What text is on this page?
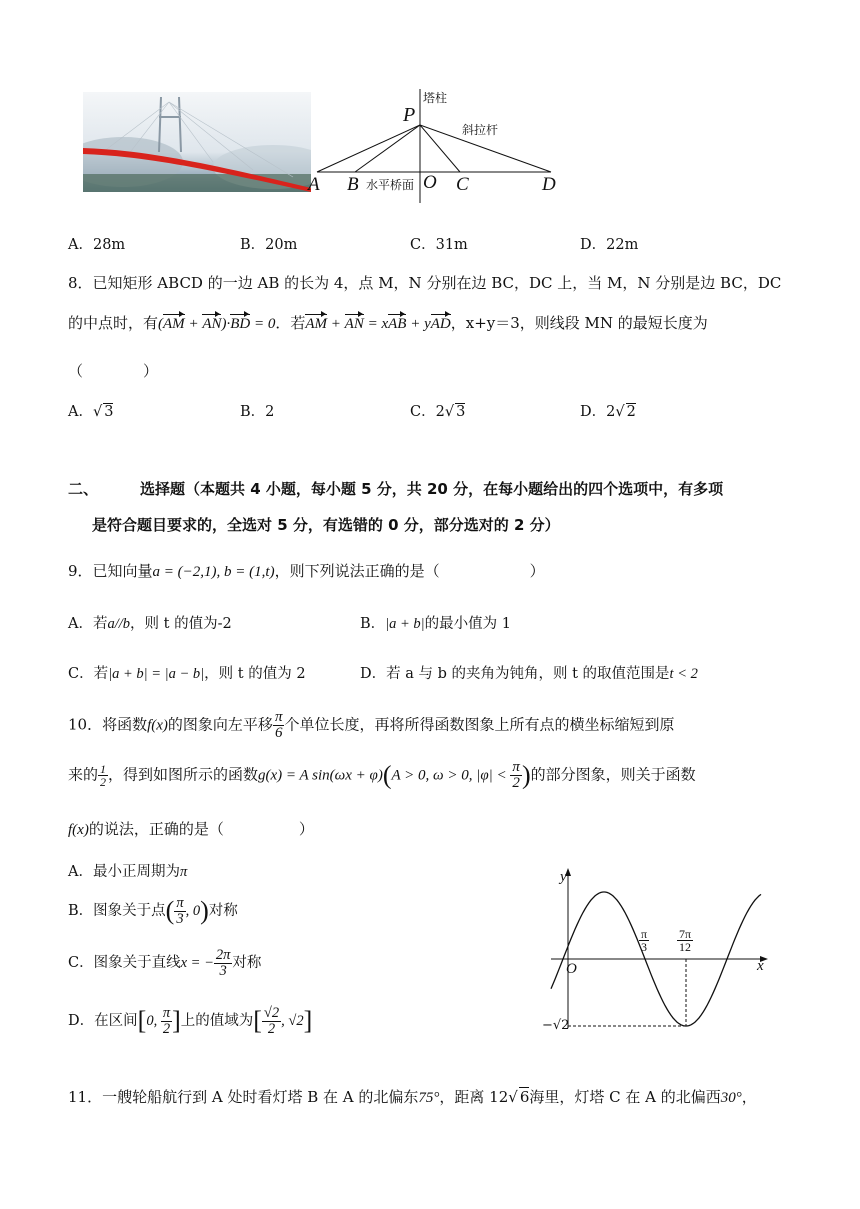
P
塔柱
斜拉杆
A B 水平桥面 O C	D
A．28m	B．20m	C．31m	D．22m
8．已知矩形 ABCD 的一边 AB 的长为 4，点 M，N 分别在边 BC，DC 上，当 M，N 分别是边 BC，DC
的中点时，有(AM + AN)·BD = 0．若AM + AN = xAB + yAD，x+y＝3，则线段 MN 的最短长度为
（　　　　）
A．√ 3	B．2	C．2√ 3	D．2√ 2
二、	选择题（本题共 4 小题，每小题 5 分，共 20 分，在每小题给出的四个选项中，有多项
是符合题目要求的，全选对 5 分，有选错的 0 分，部分选对的 2 分）
9．已知向量a = (−2,1), b = (1,t)，则下列说法正确的是（　　　　　　）
A．若a//b，则 t 的值为-2	B．|a + b|的最小值为 1
C．若|a + b| = |a − b|，则 t 的值为 2	D．若 a 与 b 的夹角为钝角，则 t 的取值范围是t < 2
10．将函数f(x)的图象向左平移 $\frac{\pi}{6}$ 个单位长度，再将所得函数图象上所有点的横坐标缩短到原
来的 $\frac{1}{2}$ ，得到如图所示的函数g(x) = A sin(ωx + φ)(A > 0, ω > 0, $|\varphi| < \frac{\pi}{2}$ )的部分图象，则关于函数
f(x)的说法，正确的是（　　　　　）
A．最小正周期为π
B．图象关于点( $\frac{\pi}{3}$ , 0)对称
C．图象关于直线x = − $\frac{2\pi}{3}$ 对称
D．在区间[0, $\frac{\pi}{2}$ ]上的值域为[ $\frac{√2}{2}$ , √2]
y
x
O
$\frac{\pi}{3} \frac{7\pi}{12}$
−√2
11．一艘轮船航行到 A 处时看灯塔 B 在 A 的北偏东75°，距离 12√ 6海里，灯塔 C 在 A 的北偏西30°，
